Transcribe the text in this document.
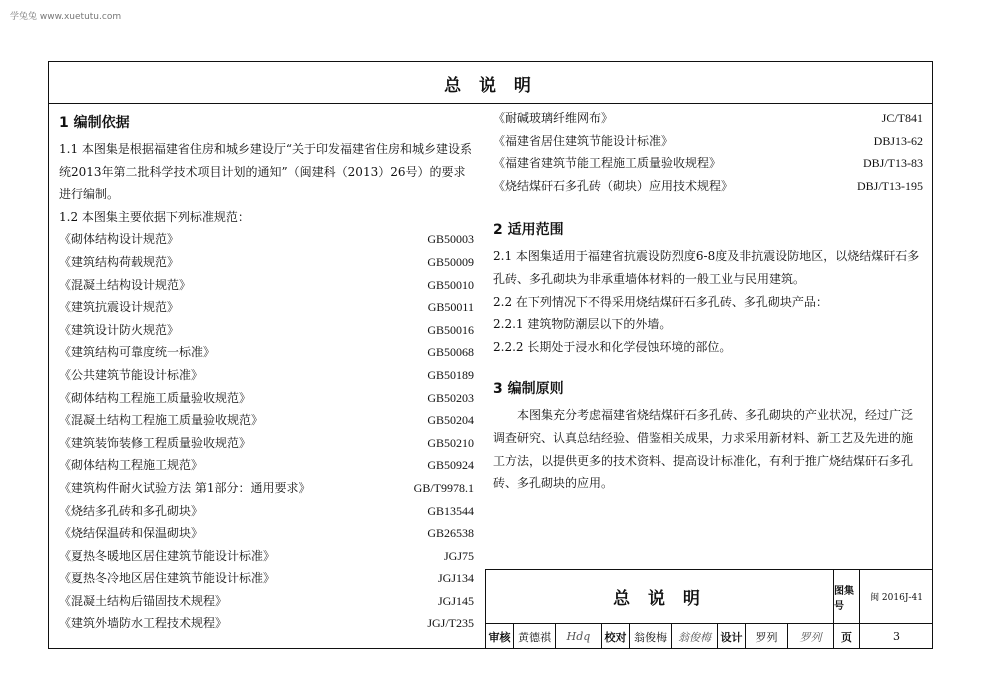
学兔兔 www.xuetutu.com
总 说 明
1 编制依据
1.1 本图集是根据福建省住房和城乡建设厅“关于印发福建省住房和城乡建设系统2013年第二批科学技术项目计划的通知”（闽建科（2013）26号）的要求进行编制。
1.2 本图集主要依据下列标准规范：
《砌体结构设计规范》	GB50003
《建筑结构荷载规范》	GB50009
《混凝土结构设计规范》	GB50010
《建筑抗震设计规范》	GB50011
《建筑设计防火规范》	GB50016
《建筑结构可靠度统一标准》	GB50068
《公共建筑节能设计标准》	GB50189
《砌体结构工程施工质量验收规范》	GB50203
《混凝土结构工程施工质量验收规范》	GB50204
《建筑装饰装修工程质量验收规范》	GB50210
《砌体结构工程施工规范》	GB50924
《建筑构件耐火试验方法 第1部分：通用要求》	GB/T9978.1
《烧结多孔砖和多孔砌块》	GB13544
《烧结保温砖和保温砌块》	GB26538
《夏热冬暖地区居住建筑节能设计标准》	JGJ75
《夏热冬冷地区居住建筑节能设计标准》	JGJ134
《混凝土结构后锚固技术规程》	JGJ145
《建筑外墙防水工程技术规程》	JGJ/T235
《耐碱玻璃纤维网布》	JC/T841
《福建省居住建筑节能设计标准》	DBJ13-62
《福建省建筑节能工程施工质量验收规程》	DBJ/T13-83
《烧结煤矸石多孔砖（砌块）应用技术规程》	DBJ/T13-195
2 适用范围
2.1 本图集适用于福建省抗震设防烈度6-8度及非抗震设防地区，以烧结煤矸石多孔砖、多孔砌块为非承重墙体材料的一般工业与民用建筑。
2.2 在下列情况下不得采用烧结煤矸石多孔砖、多孔砌块产品：
2.2.1 建筑物防潮层以下的外墙。
2.2.2 长期处于浸水和化学侵蚀环境的部位。
3 编制原则
本图集充分考虑福建省烧结煤矸石多孔砖、多孔砌块的产业状况，经过广泛调查研究、认真总结经验、借鉴相关成果，力求采用新材料、新工艺及先进的施工方法，以提供更多的技术资料、提高设计标准化，有利于推广烧结煤矸石多孔砖、多孔砌块的应用。
总 说 明	图集号
闽 2016J-41
审核 黄德祺	Hdq	校对 翁俊梅	翁俊梅 设计	罗列	罗列	页	3
